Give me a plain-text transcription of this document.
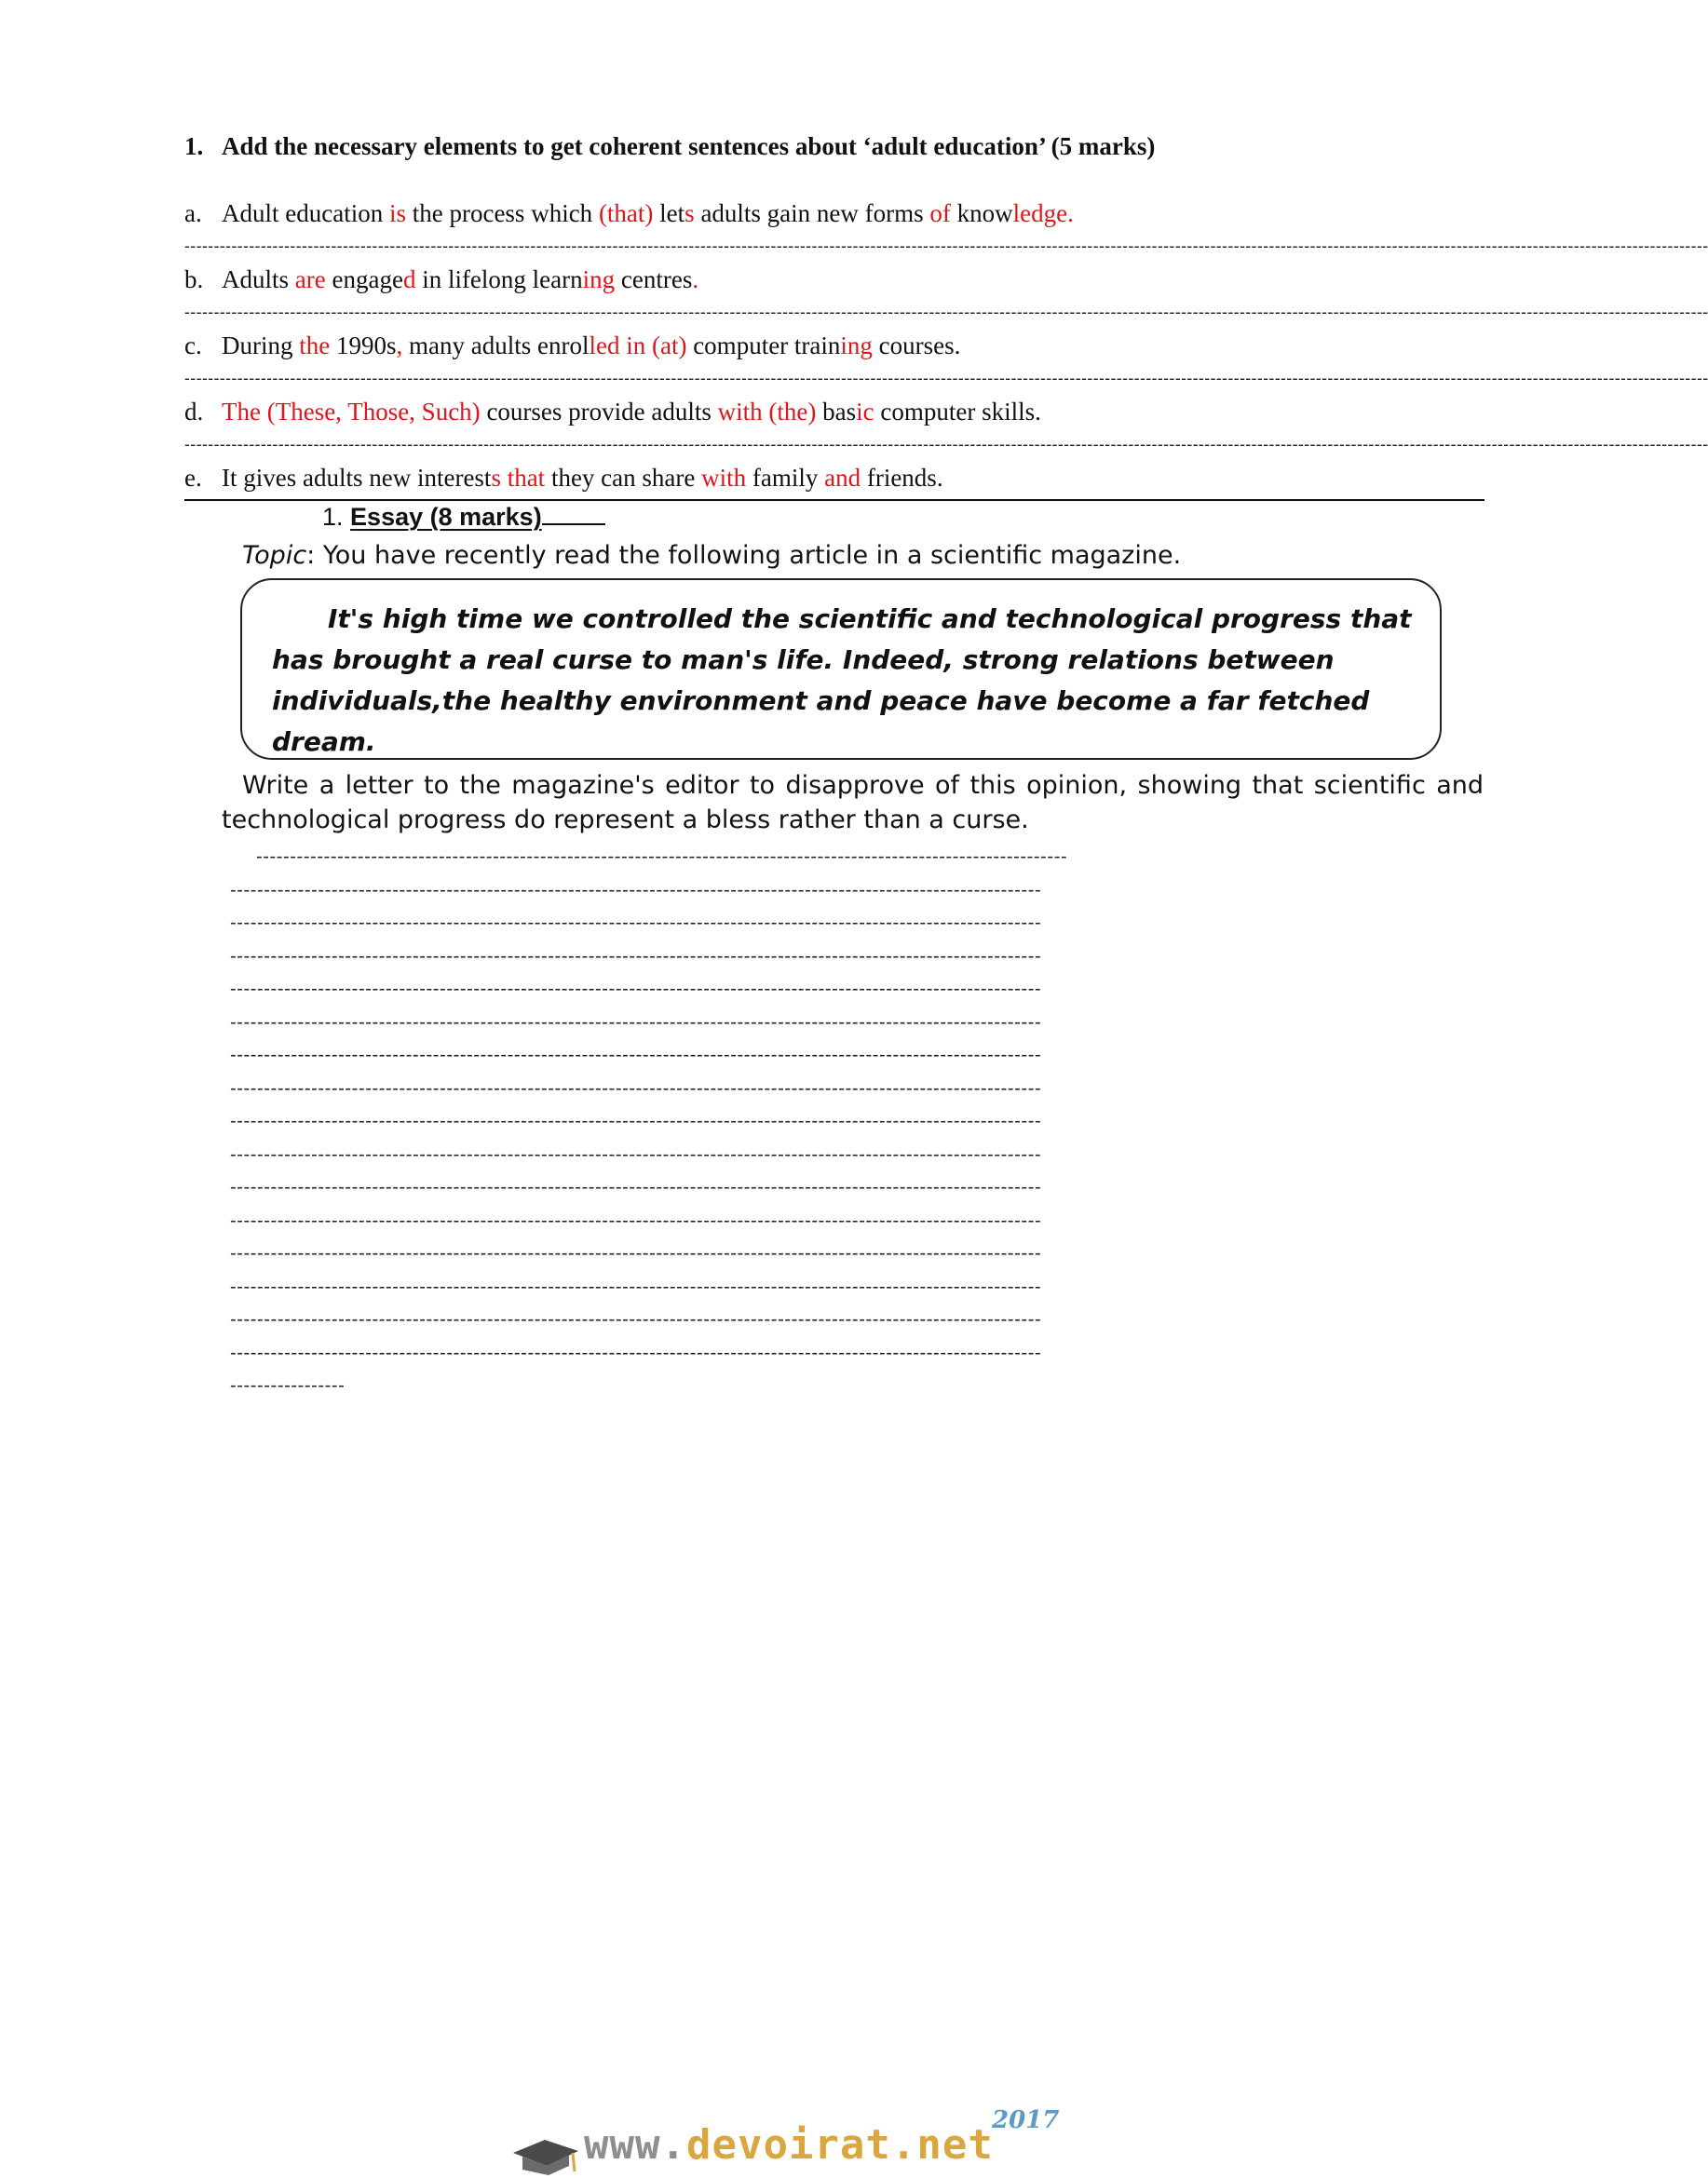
1. Add the necessary elements to get coherent sentences about ‘adult education’ (5 marks)
a. Adult education is the process which (that) lets adults gain new forms of knowledge.
--------------------------------------------------------------------------------------------------------------------------------------------------------------------------------------------------------------------------------------------------------------------
b. Adults are engaged in lifelong learning centres.
--------------------------------------------------------------------------------------------------------------------------------------------------------------------------------------------------------------------------------------------------------------------
c. During the 1990s, many adults enrolled in (at) computer training courses.
--------------------------------------------------------------------------------------------------------------------------------------------------------------------------------------------------------------------------------------------------------------------
d. The (These, Those, Such) courses provide adults with (the) basic computer skills.
--------------------------------------------------------------------------------------------------------------------------------------------------------------------------------------------------------------------------------------------------------------------
e. It gives adults new interests that they can share with family and friends.
1. Essay (8 marks)
Topic: You have recently read the following article in a scientific magazine.
It's high time we controlled the scientific and technological progress that has brought a real curse to man's life. Indeed, strong relations between individuals,the healthy environment and peace have become a far fetched dream.
Write a letter to the magazine's editor to disapprove of this opinion, showing that scientific and technological progress do represent a bless rather than a curse.
------------------------------------------------------------------------------------------------------------------------
------------------------------------------------------------------------------------------------------------------------
------------------------------------------------------------------------------------------------------------------------
------------------------------------------------------------------------------------------------------------------------
------------------------------------------------------------------------------------------------------------------------
------------------------------------------------------------------------------------------------------------------------
------------------------------------------------------------------------------------------------------------------------
------------------------------------------------------------------------------------------------------------------------
------------------------------------------------------------------------------------------------------------------------
------------------------------------------------------------------------------------------------------------------------
------------------------------------------------------------------------------------------------------------------------
------------------------------------------------------------------------------------------------------------------------
------------------------------------------------------------------------------------------------------------------------
------------------------------------------------------------------------------------------------------------------------
------------------------------------------------------------------------------------------------------------------------
------------------------------------------------------------------------------------------------------------------------
-----------------
www.devoirat.net
2017
